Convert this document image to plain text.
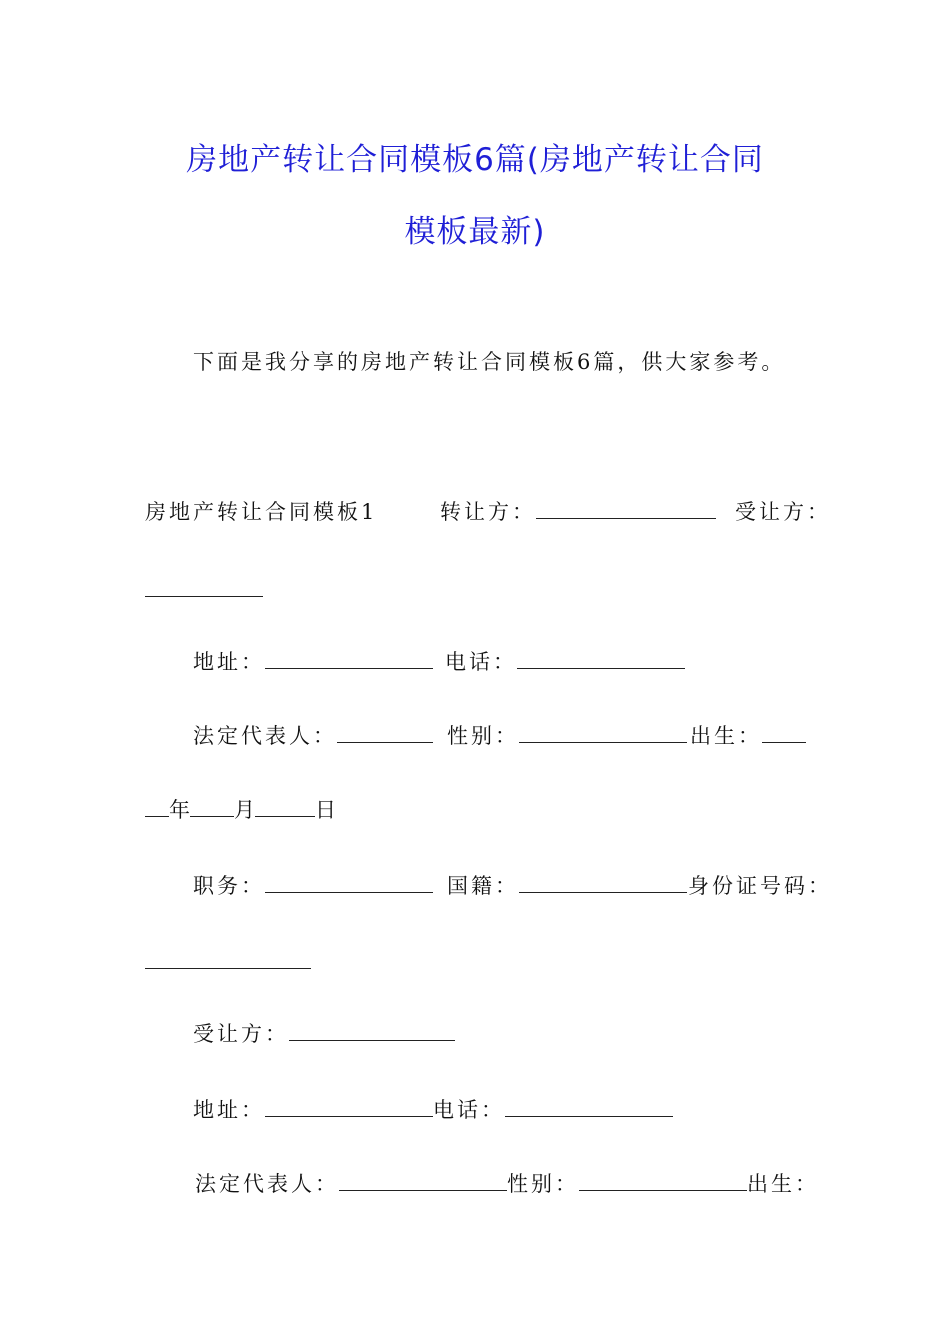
房地产转让合同模板6篇(房地产转让合同
模板最新)
下面是我分享的房地产转让合同模板6篇，供大家参考。
房地产转让合同模板1	转让方：	受让方：
地址：	电话：
法定代表人：	性别：	出生：
年 月	日
职务：	国籍：	身份证号码：
受让方：
地址：	电话：
法定代表人：	性别：	出生：
